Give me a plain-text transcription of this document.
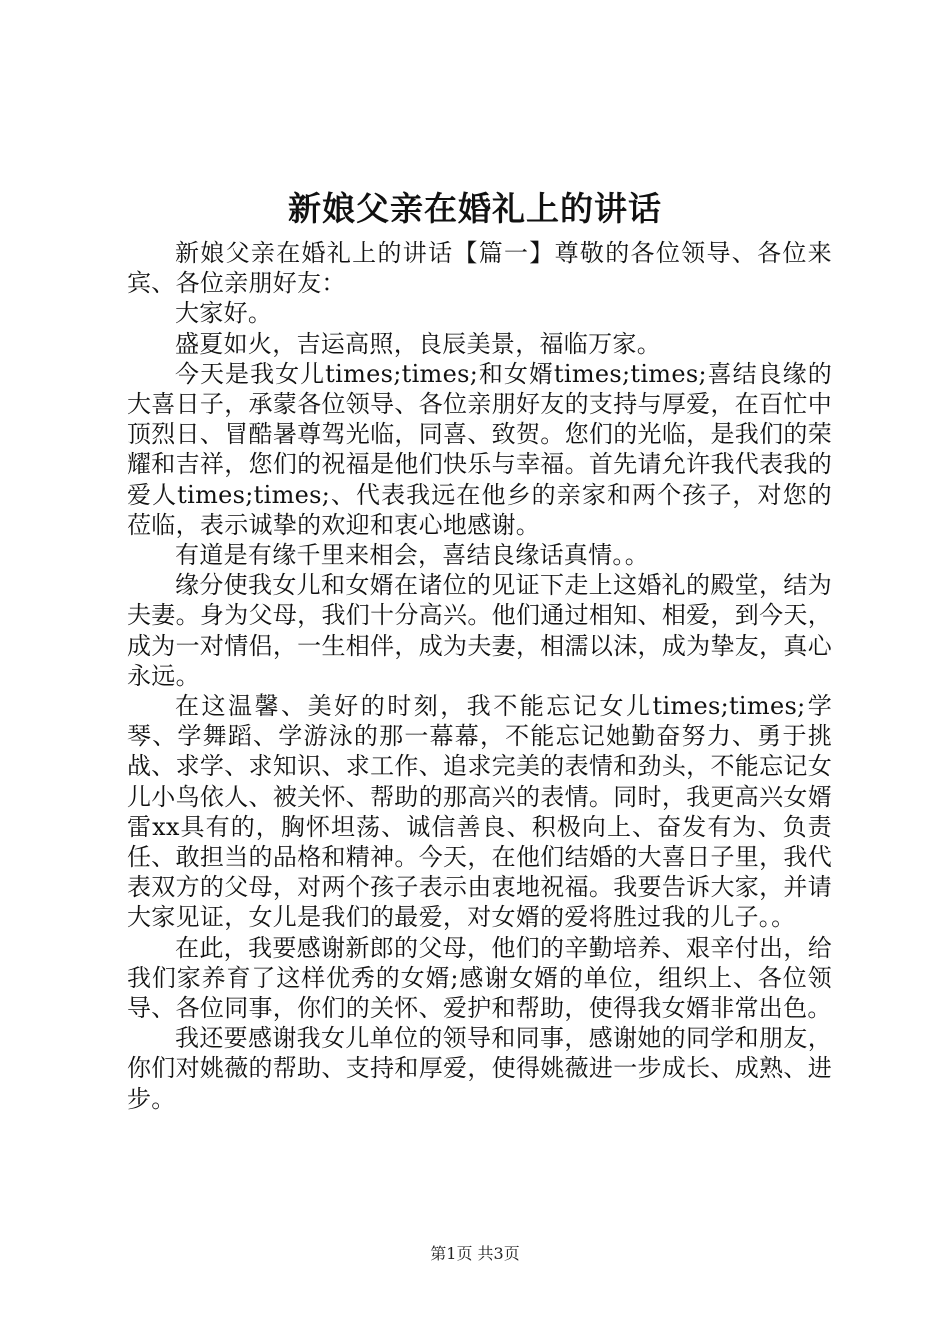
新娘父亲在婚礼上的讲话

新娘父亲在婚礼上的讲话【篇一】尊敬的各位领导、各位来宾、各位亲朋好友：

大家好。

盛夏如火，吉运高照，良辰美景，福临万家。

今天是我女儿times;times;和女婿times;times;喜结良缘的大喜日子，承蒙各位领导、各位亲朋好友的支持与厚爱，在百忙中顶烈日、冒酷暑尊驾光临，同喜、致贺。您们的光临，是我们的荣耀和吉祥，您们的祝福是他们快乐与幸福。首先请允许我代表我的爱人times;times;、代表我远在他乡的亲家和两个孩子，对您的莅临，表示诚挚的欢迎和衷心地感谢。

有道是有缘千里来相会，喜结良缘话真情。。

缘分使我女儿和女婿在诸位的见证下走上这婚礼的殿堂，结为夫妻。身为父母，我们十分高兴。他们通过相知、相爱，到今天，成为一对情侣，一生相伴，成为夫妻，相濡以沫，成为挚友，真心永远。

在这温馨、美好的时刻，我不能忘记女儿times;times;学琴、学舞蹈、学游泳的那一幕幕，不能忘记她勤奋努力、勇于挑战、求学、求知识、求工作、追求完美的表情和劲头，不能忘记女儿小鸟依人、被关怀、帮助的那高兴的表情。同时，我更高兴女婿雷xx具有的，胸怀坦荡、诚信善良、积极向上、奋发有为、负责任、敢担当的品格和精神。今天，在他们结婚的大喜日子里，我代表双方的父母，对两个孩子表示由衷地祝福。我要告诉大家，并请大家见证，女儿是我们的最爱，对女婿的爱将胜过我的儿子。。

在此，我要感谢新郎的父母，他们的辛勤培养、艰辛付出，给我们家养育了这样优秀的女婿;感谢女婿的单位，组织上、各位领导、各位同事，你们的关怀、爱护和帮助，使得我女婿非常出色。

我还要感谢我女儿单位的领导和同事，感谢她的同学和朋友，你们对姚薇的帮助、支持和厚爱，使得姚薇进一步成长、成熟、进步。

第1页 共3页
